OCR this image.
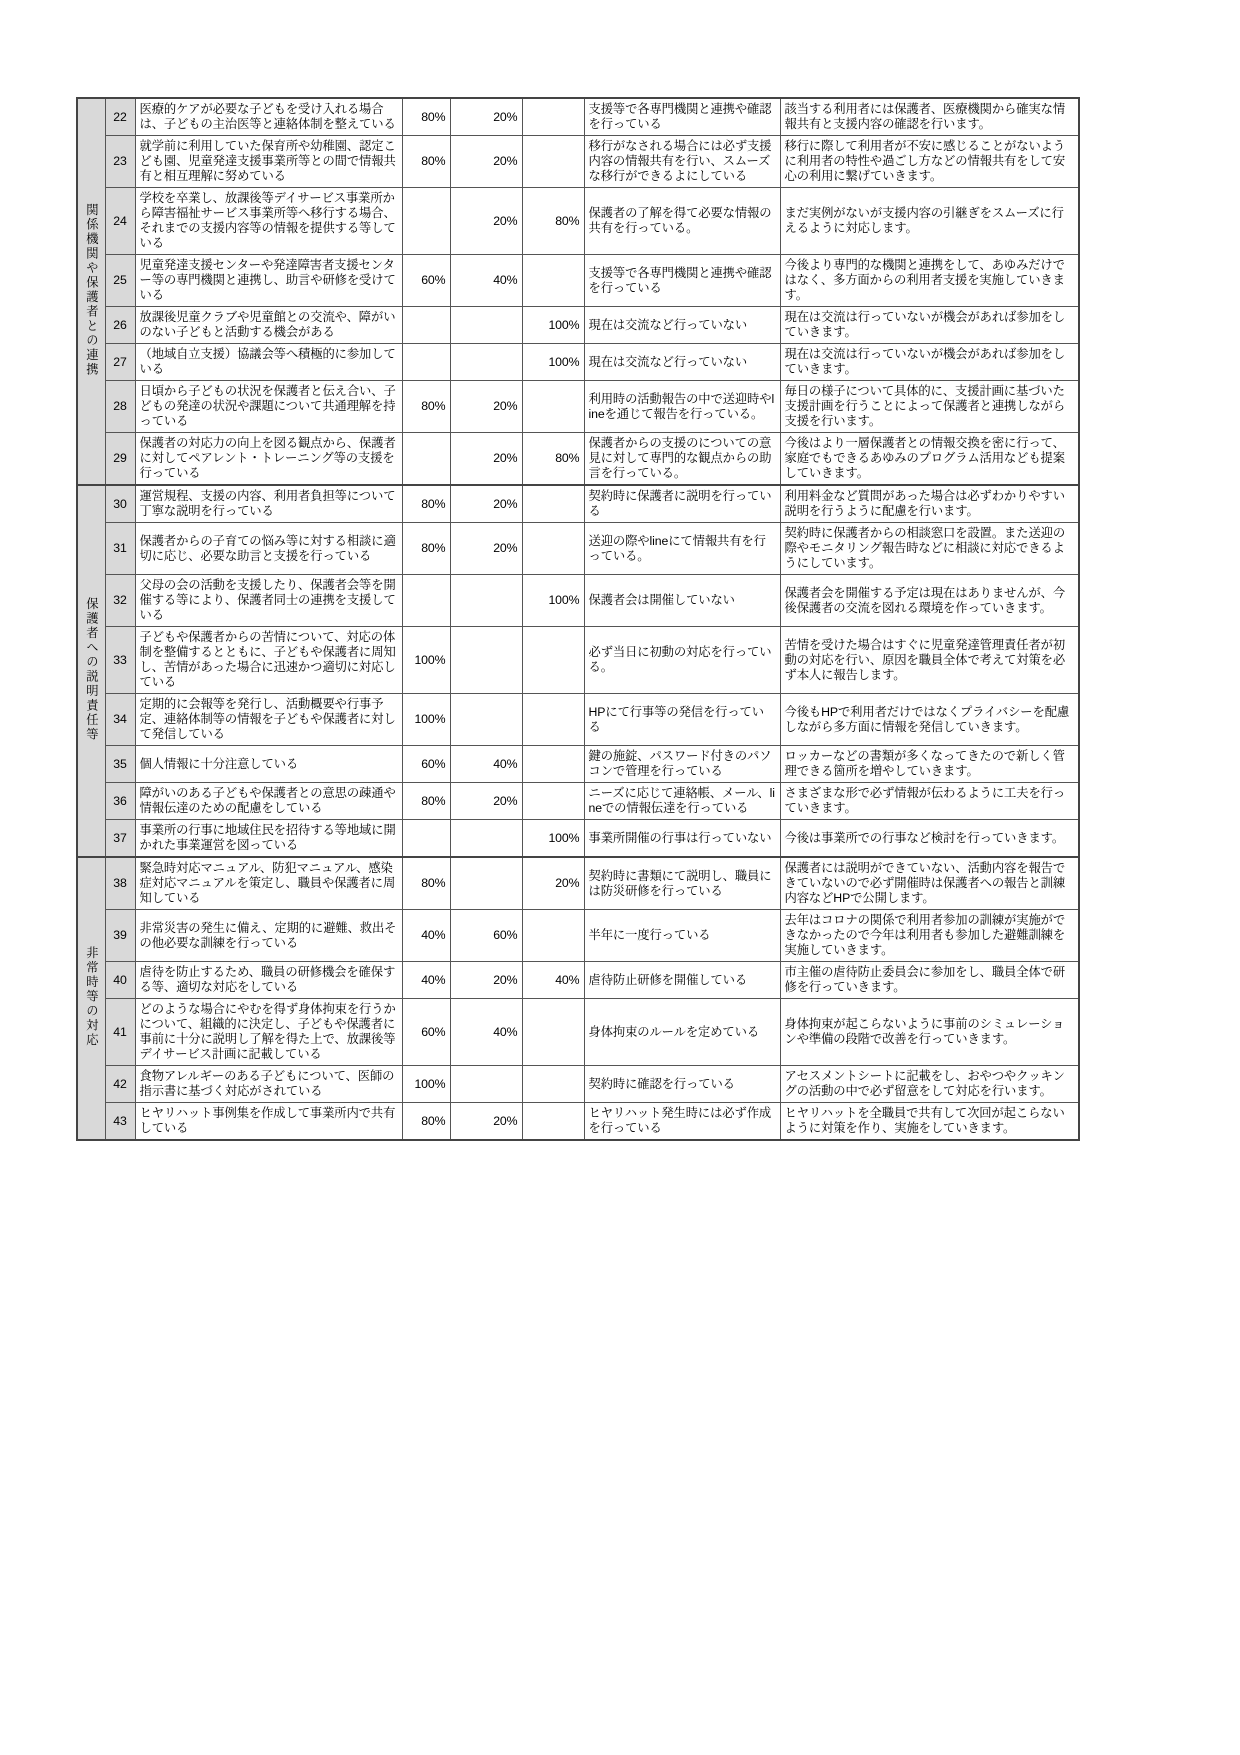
関係機関や保護者との連携	22	医療的ケアが必要な子どもを受け入れる場合は、子どもの主治医等と連絡体制を整えている	80%	20%		支援等で各専門機関と連携や確認を行っている	該当する利用者には保護者、医療機関から確実な情報共有と支援内容の確認を行います。
	23	就学前に利用していた保育所や幼稚園、認定こども園、児童発達支援事業所等との間で情報共有と相互理解に努めている	80%	20%		移行がなされる場合には必ず支援内容の情報共有を行い、スムーズな移行ができるよにしている	移行に際して利用者が不安に感じることがないように利用者の特性や過ごし方などの情報共有をして安心の利用に繋げていきます。
	24	学校を卒業し、放課後等デイサービス事業所から障害福祉サービス事業所等へ移行する場合、それまでの支援内容等の情報を提供する等している		20%	80%	保護者の了解を得て必要な情報の共有を行っている。	まだ実例がないが支援内容の引継ぎをスムーズに行えるように対応します。
	25	児童発達支援センターや発達障害者支援センター等の専門機関と連携し、助言や研修を受けている	60%	40%		支援等で各専門機関と連携や確認を行っている	今後より専門的な機関と連携をして、あゆみだけではなく、多方面からの利用者支援を実施していきます。
	26	放課後児童クラブや児童館との交流や、障がいのない子どもと活動する機会がある			100%	現在は交流など行っていない	現在は交流は行っていないが機会があれば参加をしていきます。
	27	（地域自立支援）協議会等へ積極的に参加している			100%	現在は交流など行っていない	現在は交流は行っていないが機会があれば参加をしていきます。
	28	日頃から子どもの状況を保護者と伝え合い、子どもの発達の状況や課題について共通理解を持っている	80%	20%		利用時の活動報告の中で送迎時やlineを通じて報告を行っている。	毎日の様子について具体的に、支援計画に基づいた支援計画を行うことによって保護者と連携しながら支援を行います。
	29	保護者の対応力の向上を図る観点から、保護者に対してペアレント・トレーニング等の支援を行っている		20%	80%	保護者からの支援のについての意見に対して専門的な観点からの助言を行っている。	今後はより一層保護者との情報交換を密に行って、家庭でもできるあゆみのプログラム活用なども提案していきます。
保護者への説明責任等	30	運営規程、支援の内容、利用者負担等について丁寧な説明を行っている	80%	20%		契約時に保護者に説明を行っている	利用料金など質問があった場合は必ずわかりやすい説明を行うように配慮を行います。
	31	保護者からの子育ての悩み等に対する相談に適切に応じ、必要な助言と支援を行っている	80%	20%		送迎の際やlineにて情報共有を行っている。	契約時に保護者からの相談窓口を設置。また送迎の際やモニタリング報告時などに相談に対応できるようにしています。
	32	父母の会の活動を支援したり、保護者会等を開催する等により、保護者同士の連携を支援している			100%	保護者会は開催していない	保護者会を開催する予定は現在はありませんが、今後保護者の交流を図れる環境を作っていきます。
	33	子どもや保護者からの苦情について、対応の体制を整備するとともに、子どもや保護者に周知し、苦情があった場合に迅速かつ適切に対応している	100%			必ず当日に初動の対応を行っている。	苦情を受けた場合はすぐに児童発達管理責任者が初動の対応を行い、原因を職員全体で考えて対策を必ず本人に報告します。
	34	定期的に会報等を発行し、活動概要や行事予定、連絡体制等の情報を子どもや保護者に対して発信している	100%			HPにて行事等の発信を行っている	今後もHPで利用者だけではなくプライバシーを配慮しながら多方面に情報を発信していきます。
	35	個人情報に十分注意している	60%	40%		鍵の施錠、パスワード付きのパソコンで管理を行っている	ロッカーなどの書類が多くなってきたので新しく管理できる箇所を増やしていきます。
	36	障がいのある子どもや保護者との意思の疎通や情報伝達のための配慮をしている	80%	20%		ニーズに応じて連絡帳、メール、lineでの情報伝達を行っている	さまざまな形で必ず情報が伝わるように工夫を行っていきます。
	37	事業所の行事に地域住民を招待する等地域に開かれた事業運営を図っている			100%	事業所開催の行事は行っていない	今後は事業所での行事など検討を行っていきます。
非常時等の対応	38	緊急時対応マニュアル、防犯マニュアル、感染症対応マニュアルを策定し、職員や保護者に周知している	80%		20%	契約時に書類にて説明し、職員には防災研修を行っている	保護者には説明ができていない、活動内容を報告できていないので必ず開催時は保護者への報告と訓練内容などHPで公開します。
	39	非常災害の発生に備え、定期的に避難、救出その他必要な訓練を行っている	40%	60%		半年に一度行っている	去年はコロナの関係で利用者参加の訓練が実施ができなかったので今年は利用者も参加した避難訓練を実施していきます。
	40	虐待を防止するため、職員の研修機会を確保する等、適切な対応をしている	40%	20%	40%	虐待防止研修を開催している	市主催の虐待防止委員会に参加をし、職員全体で研修を行っていきます。
	41	どのような場合にやむを得ず身体拘束を行うかについて、組織的に決定し、子どもや保護者に事前に十分に説明し了解を得た上で、放課後等デイサービス計画に記載している	60%	40%		身体拘束のルールを定めている	身体拘束が起こらないように事前のシミュレーションや準備の段階で改善を行っていきます。
	42	食物アレルギーのある子どもについて、医師の指示書に基づく対応がされている	100%			契約時に確認を行っている	アセスメントシートに記載をし、おやつやクッキングの活動の中で必ず留意をして対応を行います。
	43	ヒヤリハット事例集を作成して事業所内で共有している	80%	20%		ヒヤリハット発生時には必ず作成を行っている	ヒヤリハットを全職員で共有して次回が起こらないように対策を作り、実施をしていきます。
